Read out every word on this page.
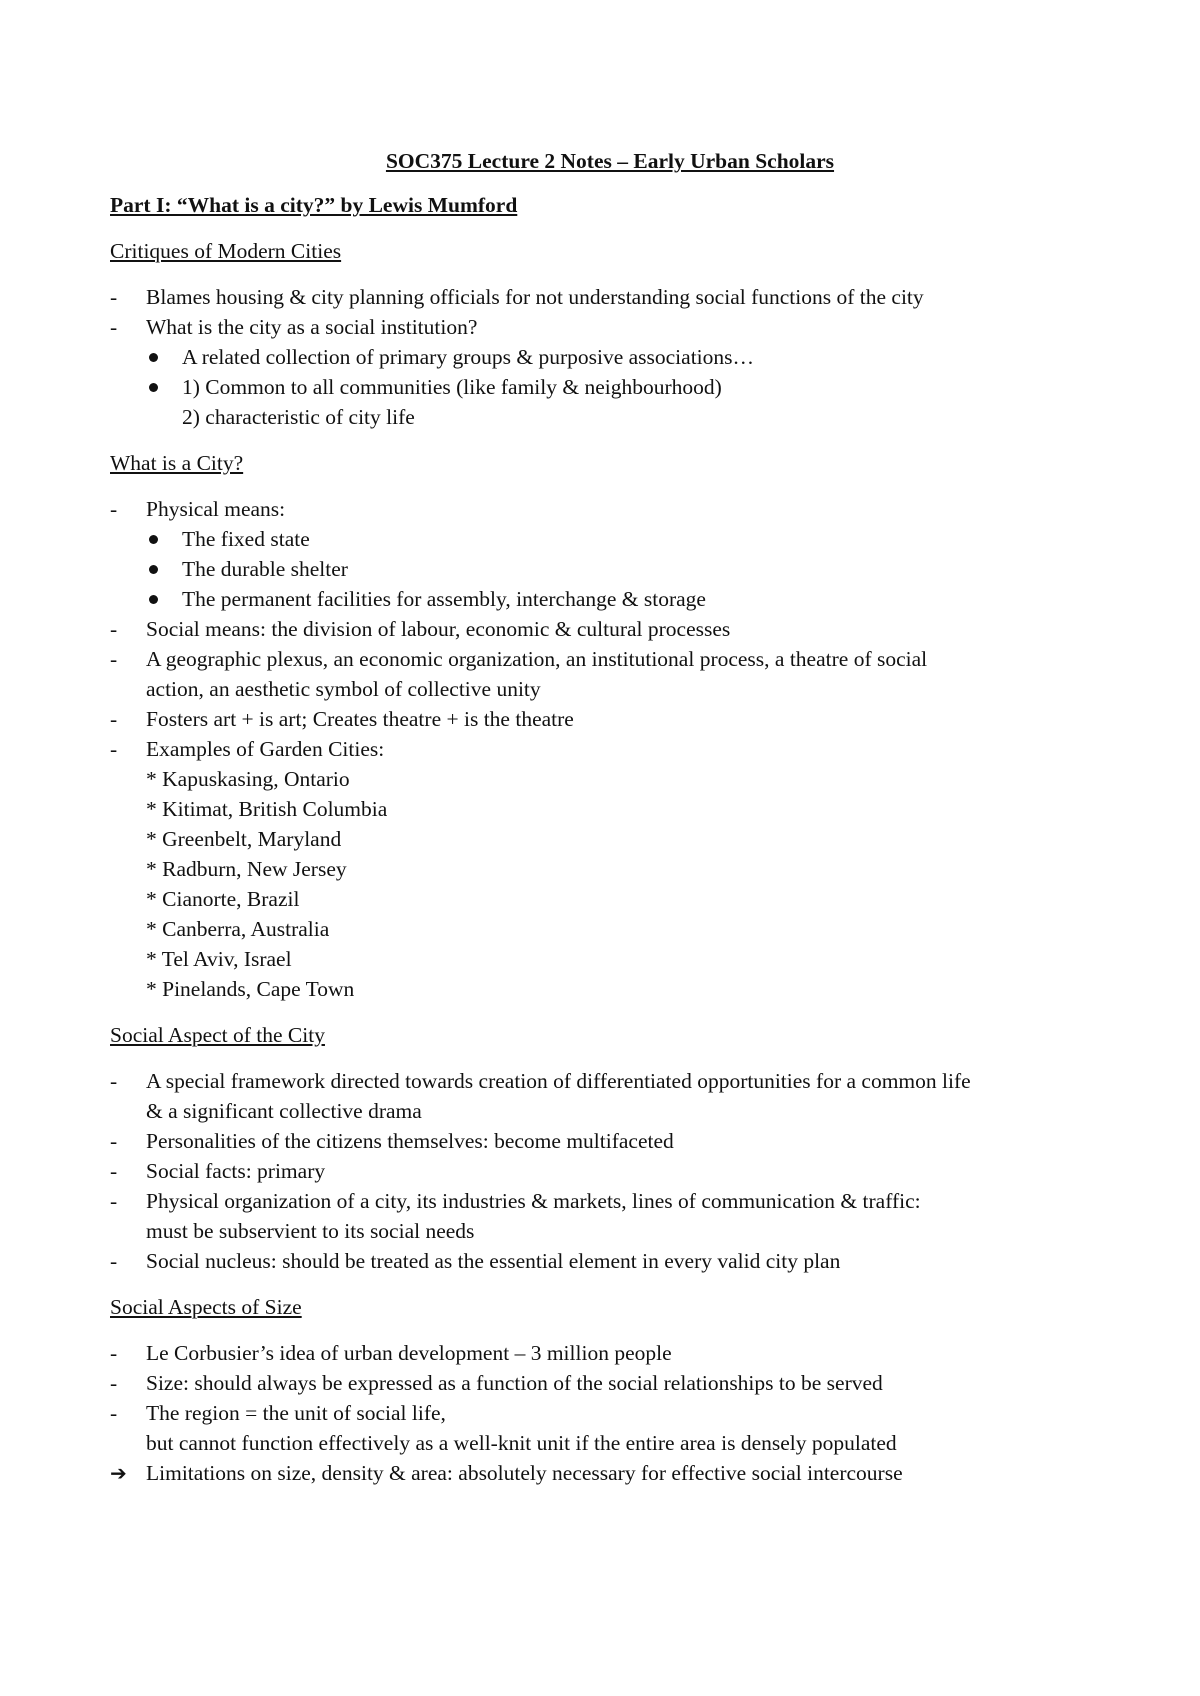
SOC375 Lecture 2 Notes – Early Urban Scholars
Part I: “What is a city?” by Lewis Mumford
Critiques of Modern Cities
-	Blames housing & city planning officials for not understanding social functions of the city
-	What is the city as a social institution?
A related collection of primary groups & purposive associations…
1) Common to all communities (like family & neighbourhood)
2) characteristic of city life
What is a City?
-	Physical means:
The fixed state
The durable shelter
The permanent facilities for assembly, interchange & storage
-	Social means: the division of labour, economic & cultural processes
-	A geographic plexus, an economic organization, an institutional process, a theatre of social
action, an aesthetic symbol of collective unity
-	Fosters art + is art; Creates theatre + is the theatre
-	Examples of Garden Cities:
* Kapuskasing, Ontario
* Kitimat, British Columbia
* Greenbelt, Maryland
* Radburn, New Jersey
* Cianorte, Brazil
* Canberra, Australia
* Tel Aviv, Israel
* Pinelands, Cape Town
Social Aspect of the City
-	A special framework directed towards creation of differentiated opportunities for a common life
& a significant collective drama
-	Personalities of the citizens themselves: become multifaceted
-	Social facts: primary
-	Physical organization of a city, its industries & markets, lines of communication & traffic:
must be subservient to its social needs
-	Social nucleus: should be treated as the essential element in every valid city plan
Social Aspects of Size
-	Le Corbusier’s idea of urban development – 3 million people
-	Size: should always be expressed as a function of the social relationships to be served
-	The region = the unit of social life,
but cannot function effectively as a well-knit unit if the entire area is densely populated
➔ Limitations on size, density & area: absolutely necessary for effective social intercourse
